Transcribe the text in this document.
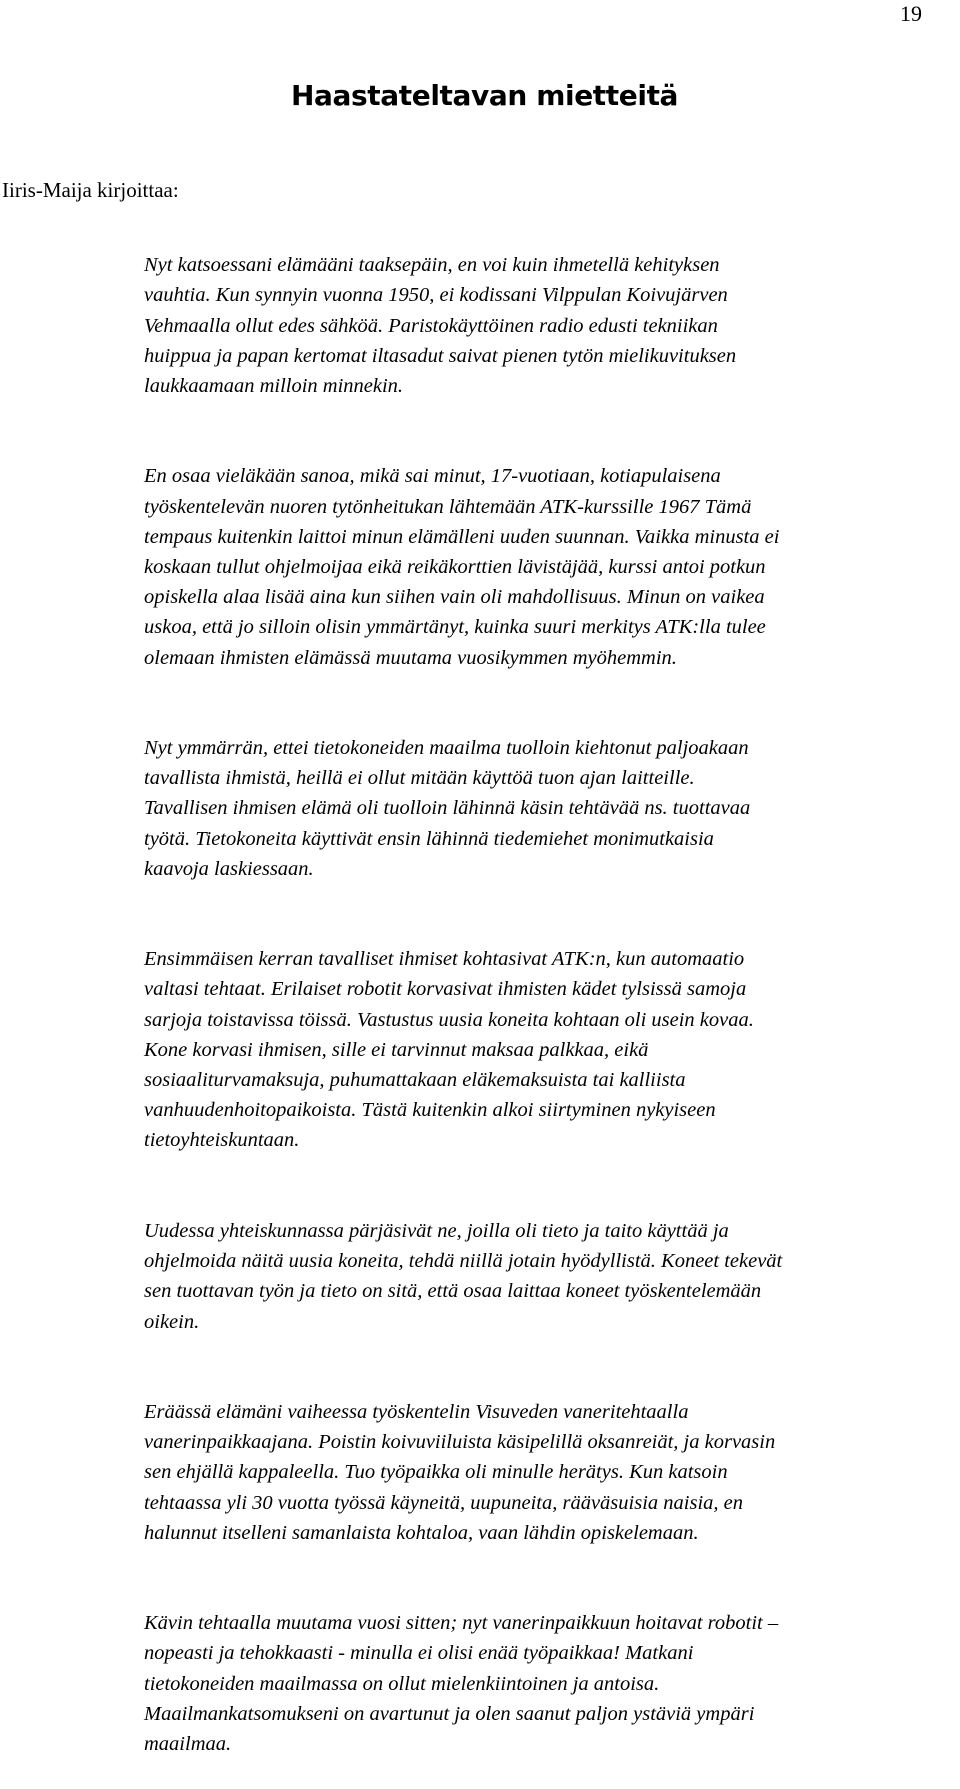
19
Haastateltavan mietteitä
Iiris-Maija kirjoittaa:

Nyt katsoessani elämääni taaksepäin, en voi kuin ihmetellä kehityksen
vauhtia. Kun synnyin vuonna 1950, ei kodissani Vilppulan Koivujärven
Vehmaalla ollut edes sähköä. Paristokäyttöinen radio edusti tekniikan
huippua ja papan kertomat iltasadut saivat pienen tytön mielikuvituksen
laukkaamaan milloin minnekin.

En osaa vieläkään sanoa, mikä sai minut, 17-vuotiaan, kotiapulaisena
työskentelevän nuoren tytönheitukan lähtemään ATK-kurssille 1967 Tämä
tempaus kuitenkin laittoi minun elämälleni uuden suunnan. Vaikka minusta ei
koskaan tullut ohjelmoijaa eikä reikäkorttien lävistäjää, kurssi antoi potkun
opiskella alaa lisää aina kun siihen vain oli mahdollisuus. Minun on vaikea
uskoa, että jo silloin olisin ymmärtänyt, kuinka suuri merkitys ATK:lla tulee
olemaan ihmisten elämässä muutama vuosikymmen myöhemmin.

Nyt ymmärrän, ettei tietokoneiden maailma tuolloin kiehtonut paljoakaan
tavallista ihmistä, heillä ei ollut mitään käyttöä tuon ajan laitteille.
Tavallisen ihmisen elämä oli tuolloin lähinnä käsin tehtävää ns. tuottavaa
työtä. Tietokoneita käyttivät ensin lähinnä tiedemiehet monimutkaisia
kaavoja laskiessaan.

Ensimmäisen kerran tavalliset ihmiset kohtasivat ATK:n, kun automaatio
valtasi tehtaat. Erilaiset robotit korvasivat ihmisten kädet tylsissä samoja
sarjoja toistavissa töissä. Vastustus uusia koneita kohtaan oli usein kovaa.
Kone korvasi ihmisen, sille ei tarvinnut maksaa palkkaa, eikä
sosiaaliturvamaksuja, puhumattakaan eläkemaksuista tai kalliista
vanhuudenhoitopaikoista. Tästä kuitenkin alkoi siirtyminen nykyiseen
tietoyhteiskuntaan.

Uudessa yhteiskunnassa pärjäsivät ne, joilla oli tieto ja taito käyttää ja
ohjelmoida näitä uusia koneita, tehdä niillä jotain hyödyllistä. Koneet tekevät
sen tuottavan työn ja tieto on sitä, että osaa laittaa koneet työskentelemään
oikein.

Eräässä elämäni vaiheessa työskentelin Visuveden vaneritehtaalla
vanerinpaikkaajana. Poistin koivuviiluista käsipelillä oksanreiät, ja korvasin
sen ehjällä kappaleella. Tuo työpaikka oli minulle herätys. Kun katsoin
tehtaassa yli 30 vuotta työssä käyneitä, uupuneita, rääväsuisia naisia, en
halunnut itselleni samanlaista kohtaloa, vaan lähdin opiskelemaan.

Kävin tehtaalla muutama vuosi sitten; nyt vanerinpaikkuun hoitavat robotit –
nopeasti ja tehokkaasti - minulla ei olisi enää työpaikkaa! Matkani
tietokoneiden maailmassa on ollut mielenkiintoinen ja antoisa.
Maailmankatsomukseni on avartunut ja olen saanut paljon ystäviä ympäri
maailmaa.
